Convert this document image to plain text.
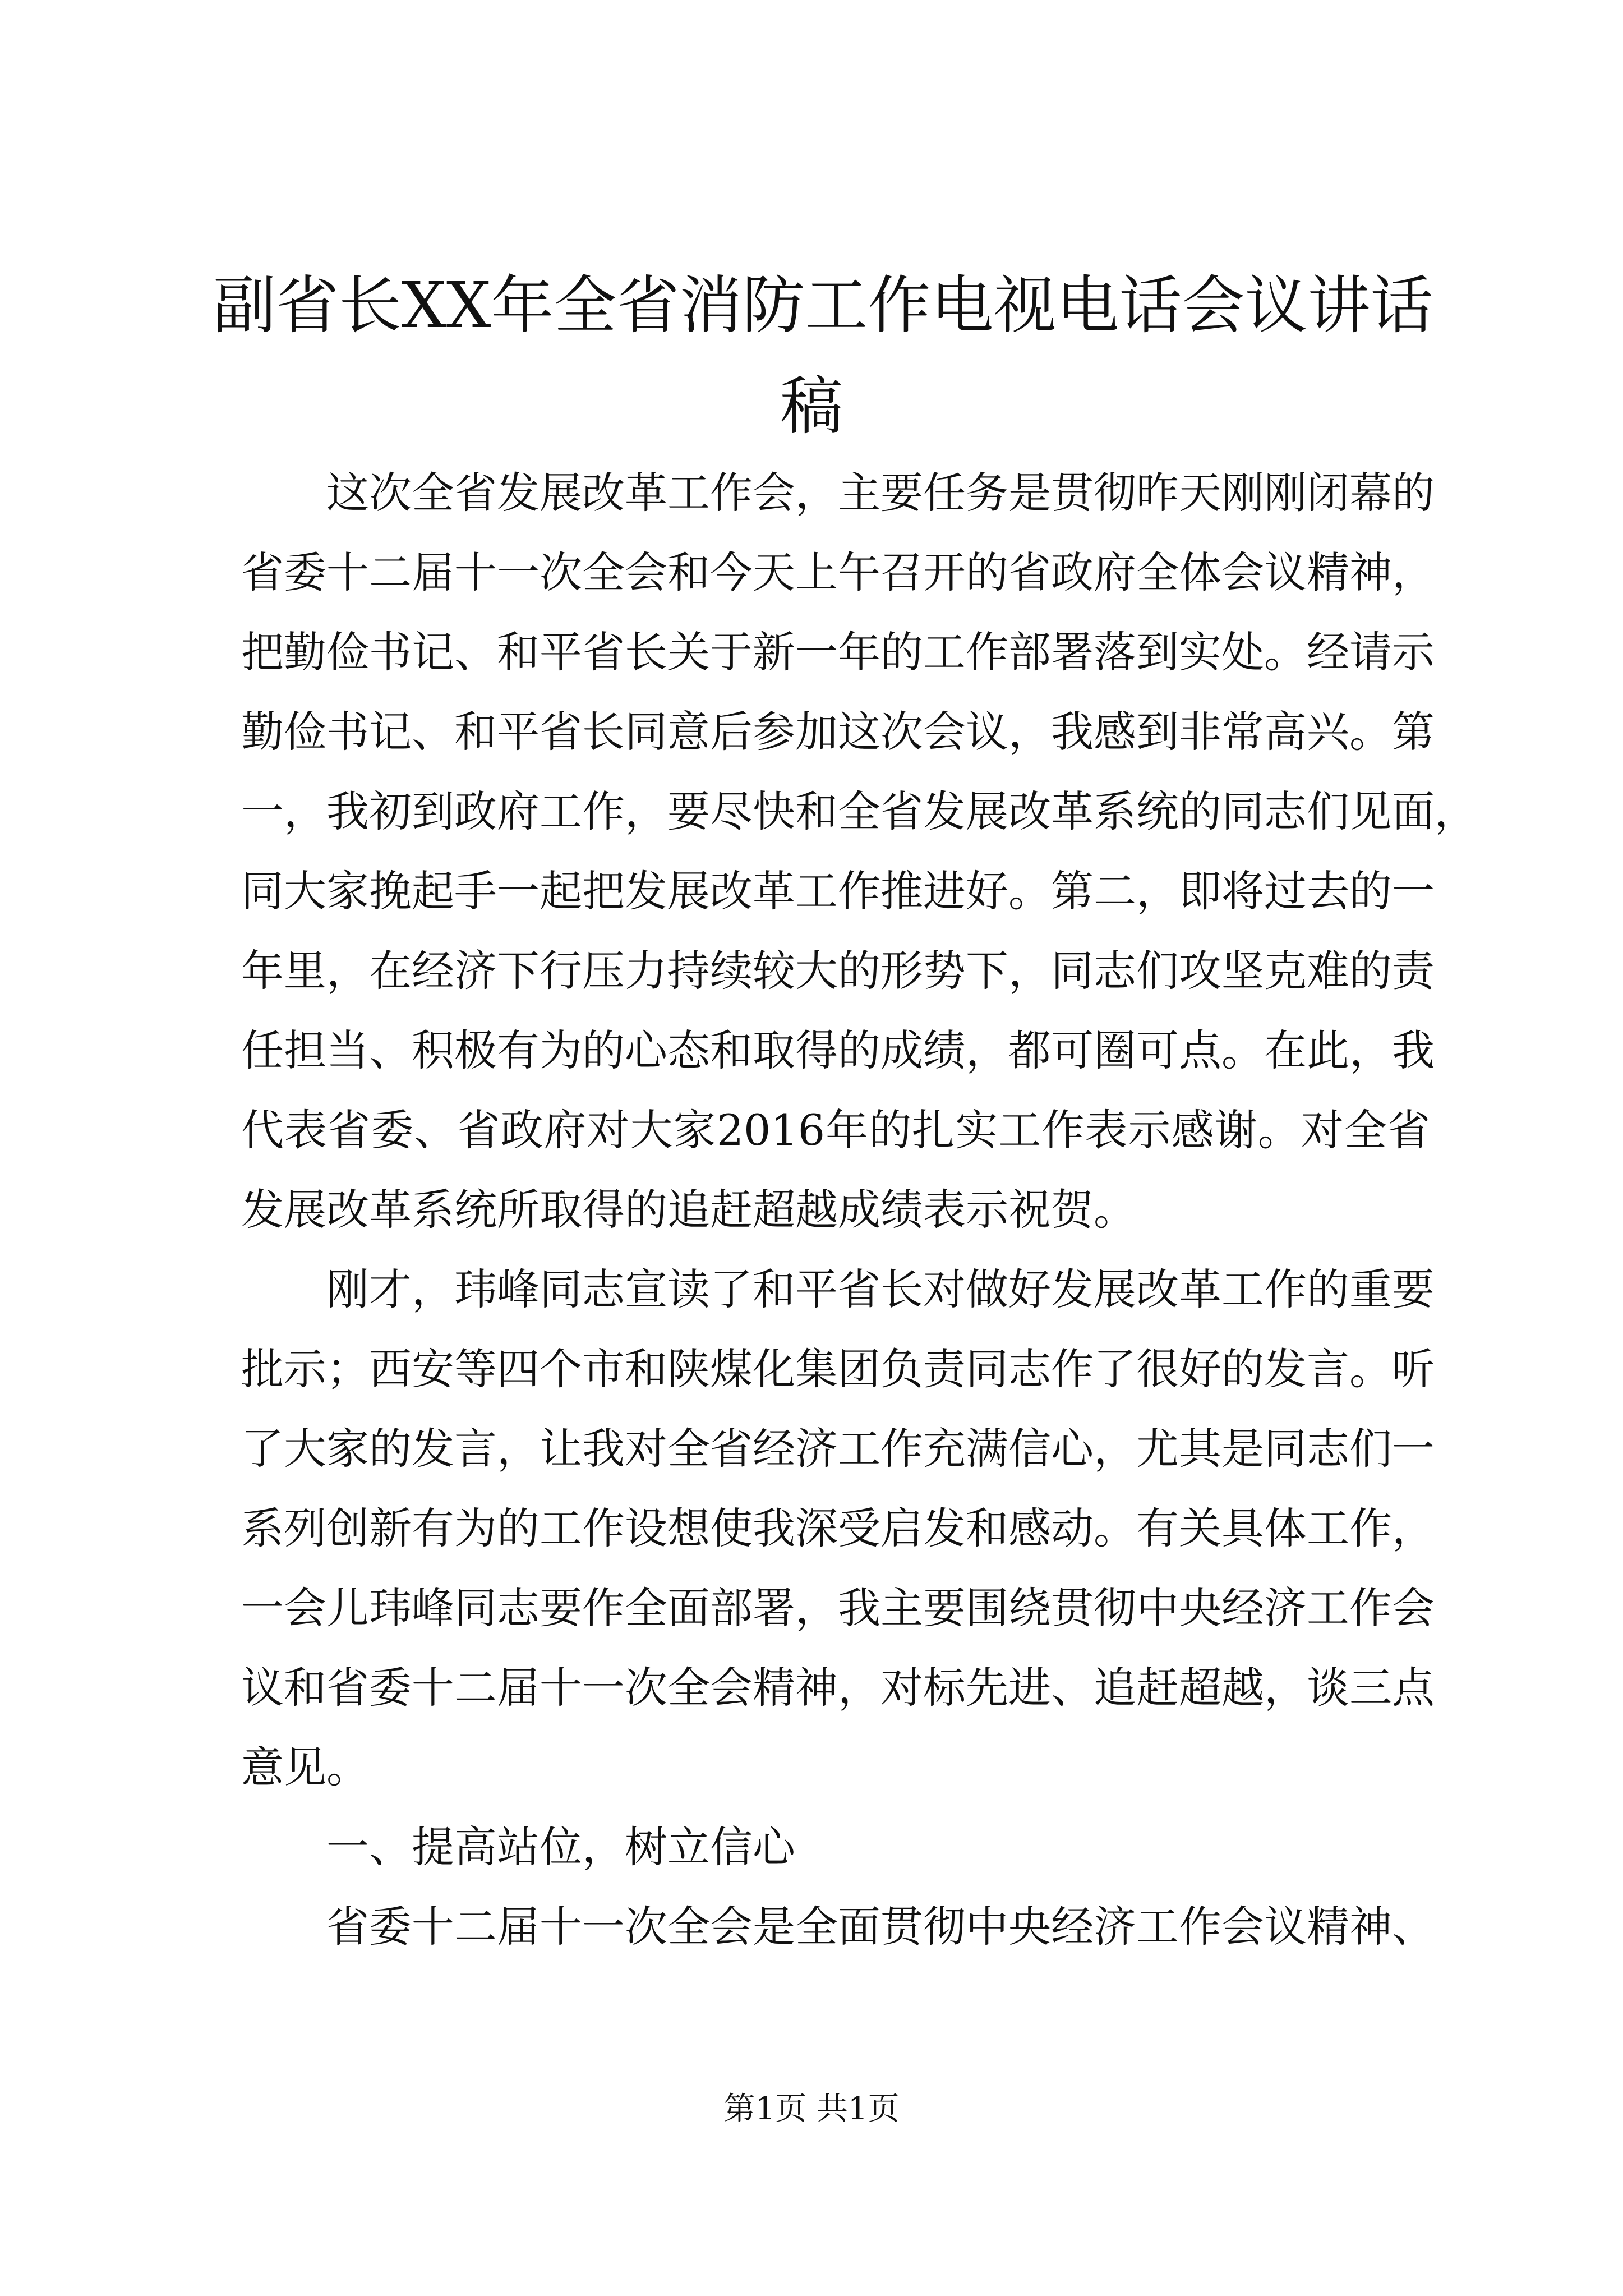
副省长XX年全省消防工作电视电话会议讲话
稿
这次全省发展改革工作会，主要任务是贯彻昨天刚刚闭幕的
省委十二届十一次全会和今天上午召开的省政府全体会议精神，
把勤俭书记、和平省长关于新一年的工作部署落到实处。经请示
勤俭书记、和平省长同意后参加这次会议，我感到非常高兴。第
一，我初到政府工作，要尽快和全省发展改革系统的同志们见面，
同大家挽起手一起把发展改革工作推进好。第二，即将过去的一
年里，在经济下行压力持续较大的形势下，同志们攻坚克难的责
任担当、积极有为的心态和取得的成绩，都可圈可点。在此，我
代表省委、省政府对大家2016年的扎实工作表示感谢。对全省
发展改革系统所取得的追赶超越成绩表示祝贺。
刚才，玮峰同志宣读了和平省长对做好发展改革工作的重要
批示；西安等四个市和陕煤化集团负责同志作了很好的发言。听
了大家的发言，让我对全省经济工作充满信心，尤其是同志们一
系列创新有为的工作设想使我深受启发和感动。有关具体工作，
一会儿玮峰同志要作全面部署，我主要围绕贯彻中央经济工作会
议和省委十二届十一次全会精神，对标先进、追赶超越，谈三点
意见。
一、提高站位，树立信心
省委十二届十一次全会是全面贯彻中央经济工作会议精神、
第1页 共1页
